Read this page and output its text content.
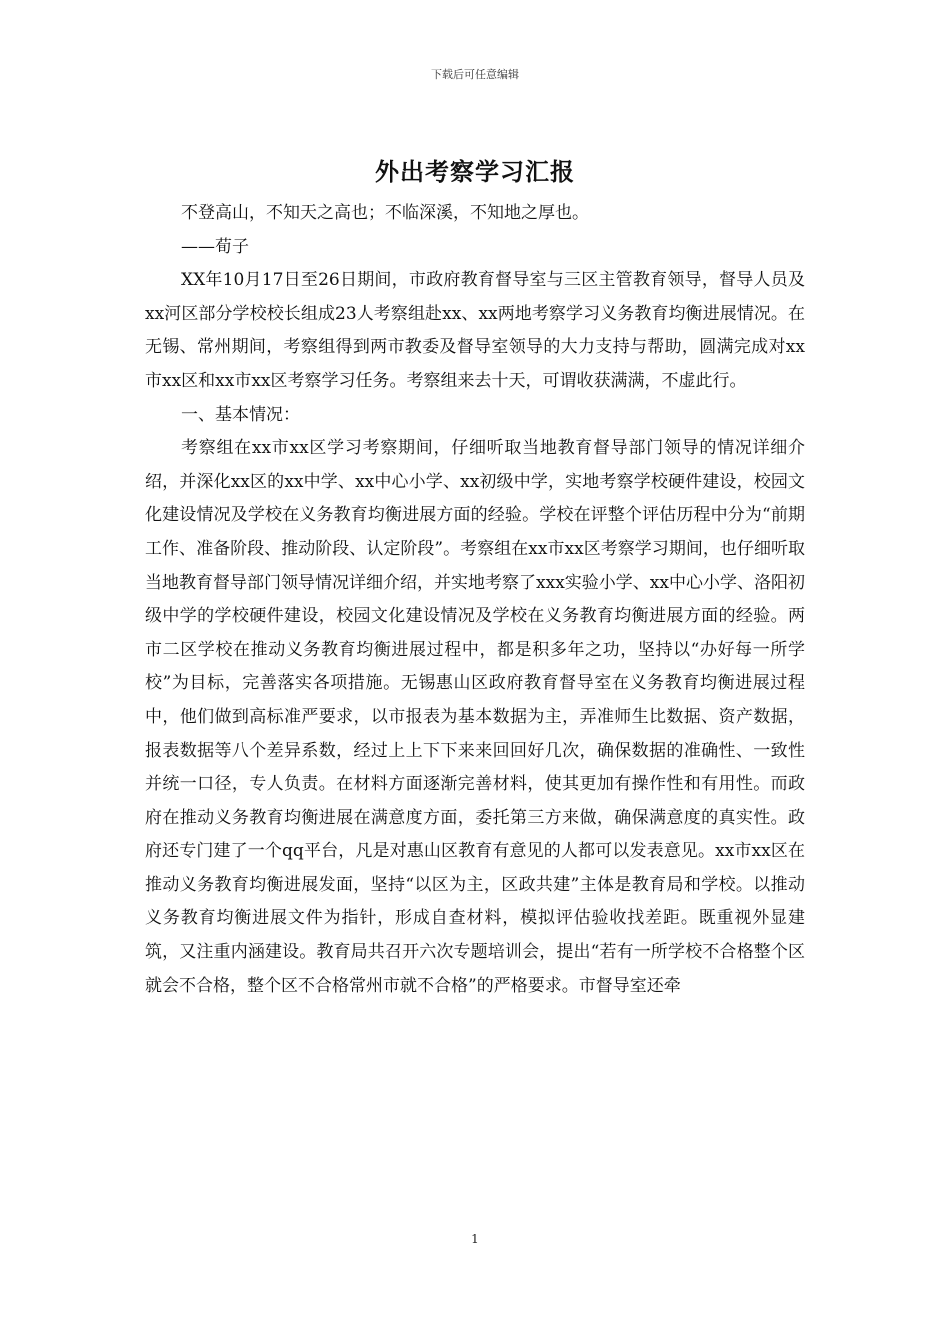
下载后可任意编辑
外出考察学习汇报

不登高山，不知天之高也；不临深溪，不知地之厚也。

——荀子

XX年10月17日至26日期间，市政府教育督导室与三区主管教育领导，督导人员及xx河区部分学校校长组成23人考察组赴xx、xx两地考察学习义务教育均衡进展情况。在无锡、常州期间，考察组得到两市教委及督导室领导的大力支持与帮助，圆满完成对xx市xx区和xx市xx区考察学习任务。考察组来去十天，可谓收获满满，不虚此行。

一、基本情况：

考察组在xx市xx区学习考察期间，仔细听取当地教育督导部门领导的情况详细介绍，并深化xx区的xx中学、xx中心小学、xx初级中学，实地考察学校硬件建设，校园文化建设情况及学校在义务教育均衡进展方面的经验。学校在评整个评估历程中分为“前期工作、准备阶段、推动阶段、认定阶段”。考察组在xx市xx区考察学习期间，也仔细听取当地教育督导部门领导情况详细介绍，并实地考察了xxx实验小学、xx中心小学、洛阳初级中学的学校硬件建设，校园文化建设情况及学校在义务教育均衡进展方面的经验。两市二区学校在推动义务教育均衡进展过程中，都是积多年之功，坚持以“办好每一所学校”为目标，完善落实各项措施。无锡惠山区政府教育督导室在义务教育均衡进展过程中，他们做到高标准严要求，以市报表为基本数据为主，弄准师生比数据、资产数据，报表数据等八个差异系数，经过上上下下来来回回好几次，确保数据的准确性、一致性并统一口径，专人负责。在材料方面逐渐完善材料，使其更加有操作性和有用性。而政府在推动义务教育均衡进展在满意度方面，委托第三方来做，确保满意度的真实性。政府还专门建了一个qq平台，凡是对惠山区教育有意见的人都可以发表意见。xx市xx区在推动义务教育均衡进展发面，坚持“以区为主，区政共建”主体是教育局和学校。以推动义务教育均衡进展文件为指针，形成自查材料，模拟评估验收找差距。既重视外显建筑，又注重内涵建设。教育局共召开六次专题培训会，提出“若有一所学校不合格整个区就会不合格，整个区不合格常州市就不合格”的严格要求。市督导室还牵

1
